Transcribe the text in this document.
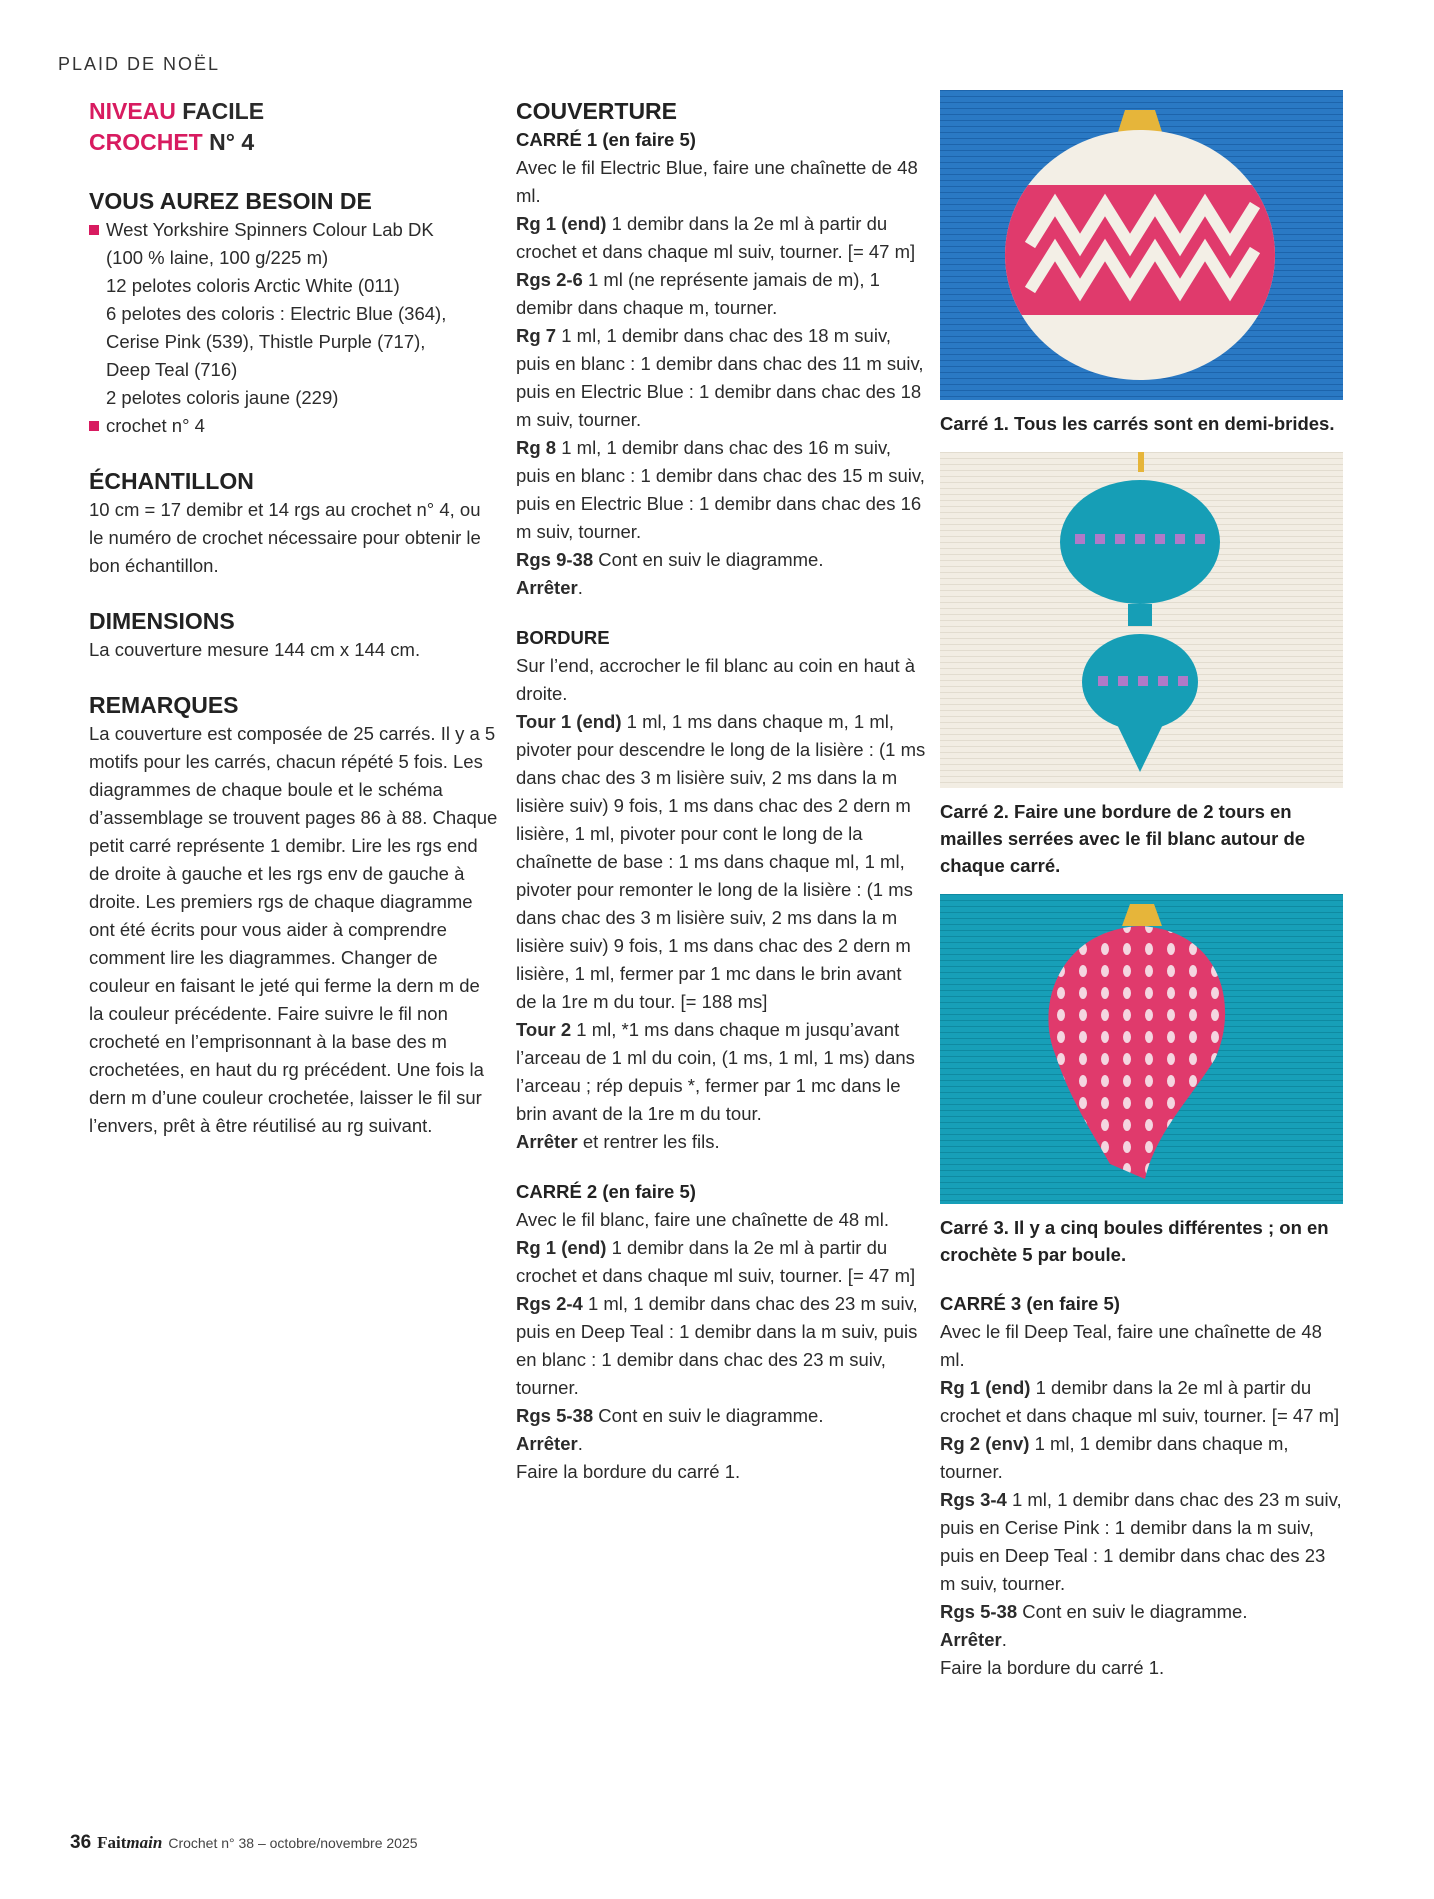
PLAID DE NOËL
NIVEAU FACILE
CROCHET N° 4
VOUS AUREZ BESOIN DE
West Yorkshire Spinners Colour Lab DK
(100 % laine, 100 g/225 m)
12 pelotes coloris Arctic White (011)
6 pelotes des coloris : Electric Blue (364),
Cerise Pink (539), Thistle Purple (717),
Deep Teal (716)
2 pelotes coloris jaune (229)
crochet n° 4
ÉCHANTILLON

10 cm = 17 demibr et 14 rgs au crochet n° 4, ou le numéro de crochet nécessaire pour obtenir le bon échantillon.

DIMENSIONS

La couverture mesure 144 cm x 144 cm.

REMARQUES

La couverture est composée de 25 carrés. Il y a 5 motifs pour les carrés, chacun répété 5 fois. Les diagrammes de chaque boule et le schéma d’assemblage se trouvent pages 86 à 88. Chaque petit carré représente 1 demibr. Lire les rgs end de droite à gauche et les rgs env de gauche à droite. Les premiers rgs de chaque diagramme ont été écrits pour vous aider à comprendre comment lire les diagrammes. Changer de couleur en faisant le jeté qui ferme la dern m de la couleur précédente. Faire suivre le fil non crocheté en l’emprisonnant à la base des m crochetées, en haut du rg précédent. Une fois la dern m d’une couleur crochetée, laisser le fil sur l’envers, prêt à être réutilisé au rg suivant.

COUVERTURE
CARRÉ 1 (en faire 5)

Avec le fil Electric Blue, faire une chaînette de 48 ml.

Rg 1 (end) 1 demibr dans la 2e ml à partir du crochet et dans chaque ml suiv, tourner. [= 47 m]

Rgs 2-6 1 ml (ne représente jamais de m), 1 demibr dans chaque m, tourner.

Rg 7 1 ml, 1 demibr dans chac des 18 m suiv, puis en blanc : 1 demibr dans chac des 11 m suiv, puis en Electric Blue : 1 demibr dans chac des 18 m suiv, tourner.

Rg 8 1 ml, 1 demibr dans chac des 16 m suiv, puis en blanc : 1 demibr dans chac des 15 m suiv, puis en Electric Blue : 1 demibr dans chac des 16 m suiv, tourner.

Rgs 9-38 Cont en suiv le diagramme.

Arrêter.

BORDURE

Sur l’end, accrocher le fil blanc au coin en haut à droite.

Tour 1 (end) 1 ml, 1 ms dans chaque m, 1 ml, pivoter pour descendre le long de la lisière : (1 ms dans chac des 3 m lisière suiv, 2 ms dans la m lisière suiv) 9 fois, 1 ms dans chac des 2 dern m lisière, 1 ml, pivoter pour cont le long de la chaînette de base : 1 ms dans chaque ml, 1 ml, pivoter pour remonter le long de la lisière : (1 ms dans chac des 3 m lisière suiv, 2 ms dans la m lisière suiv) 9 fois, 1 ms dans chac des 2 dern m lisière, 1 ml, fermer par 1 mc dans le brin avant de la 1re m du tour. [= 188 ms]

Tour 2 1 ml, *1 ms dans chaque m jusqu’avant l’arceau de 1 ml du coin, (1 ms, 1 ml, 1 ms) dans l’arceau ; rép depuis *, fermer par 1 mc dans le brin avant de la 1re m du tour.

Arrêter et rentrer les fils.

CARRÉ 2 (en faire 5)

Avec le fil blanc, faire une chaînette de 48 ml.

Rg 1 (end) 1 demibr dans la 2e ml à partir du crochet et dans chaque ml suiv, tourner. [= 47 m]

Rgs 2-4 1 ml, 1 demibr dans chac des 23 m suiv, puis en Deep Teal : 1 demibr dans la m suiv, puis en blanc : 1 demibr dans chac des 23 m suiv, tourner.

Rgs 5-38 Cont en suiv le diagramme.

Arrêter.

Faire la bordure du carré 1.

Carré 1. Tous les carrés sont en demi-brides.
Carré 2. Faire une bordure de 2 tours en mailles serrées avec le fil blanc autour de chaque carré.
Carré 3. Il y a cinq boules différentes ; on en crochète 5 par boule.
CARRÉ 3 (en faire 5)

Avec le fil Deep Teal, faire une chaînette de 48 ml.

Rg 1 (end) 1 demibr dans la 2e ml à partir du crochet et dans chaque ml suiv, tourner. [= 47 m]

Rg 2 (env) 1 ml, 1 demibr dans chaque m, tourner.

Rgs 3-4 1 ml, 1 demibr dans chac des 23 m suiv, puis en Cerise Pink : 1 demibr dans la m suiv, puis en Deep Teal : 1 demibr dans chac des 23 m suiv, tourner.

Rgs 5-38 Cont en suiv le diagramme.

Arrêter.

Faire la bordure du carré 1.

36 Faitmain Crochet n° 38 – octobre/novembre 2025
